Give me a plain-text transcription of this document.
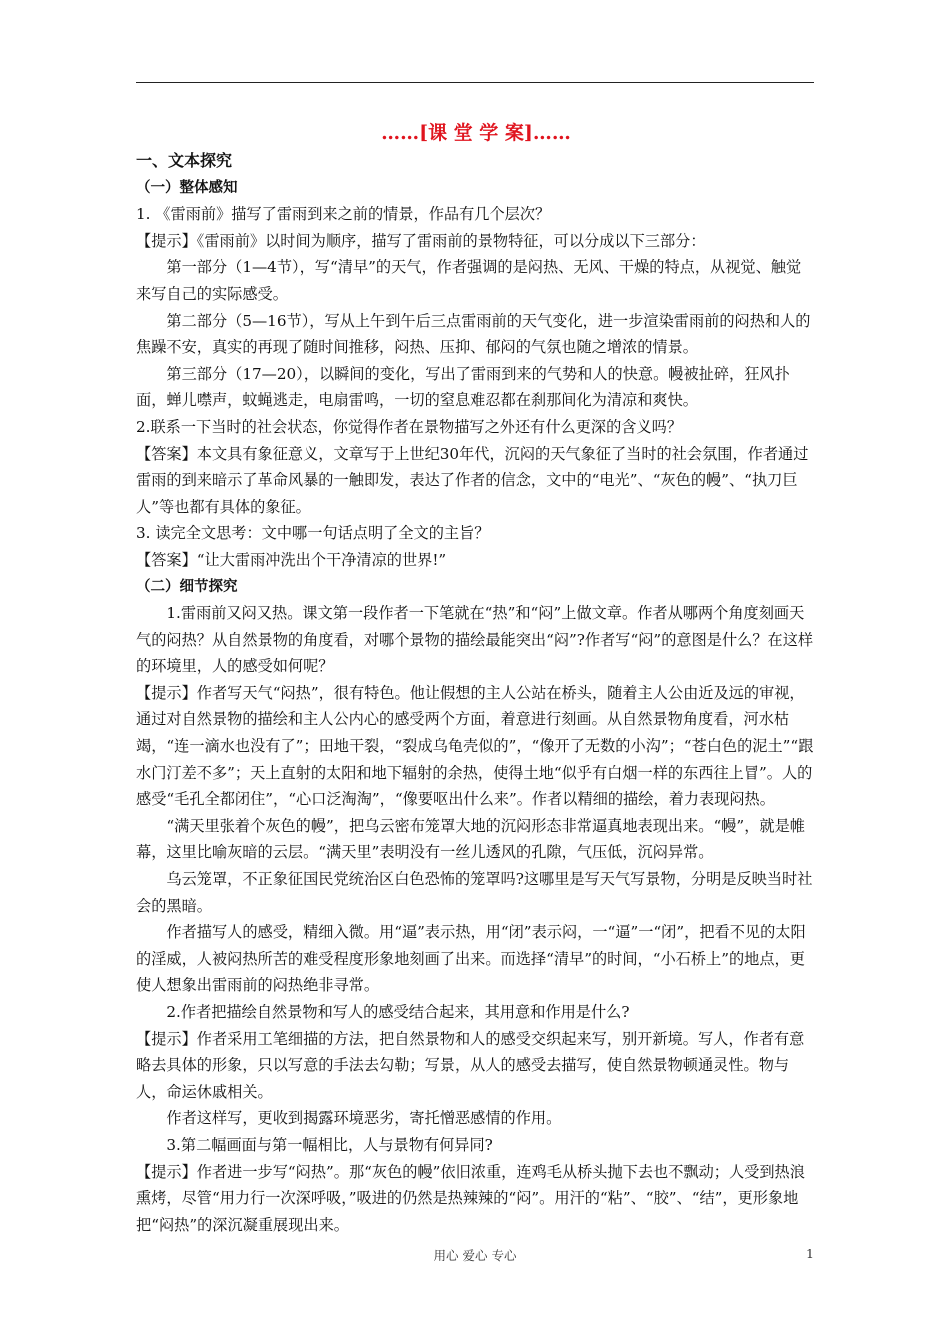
……[课 堂 学 案]……

一、文本探究

（一）整体感知

1. 《雷雨前》描写了雷雨到来之前的情景，作品有几个层次？

【提示】《雷雨前》以时间为顺序，描写了雷雨前的景物特征，可以分成以下三部分：

第一部分（1—4节），写“清早”的天气，作者强调的是闷热、无风、干燥的特点，从视觉、触觉来写自己的实际感受。

第二部分（5—16节），写从上午到午后三点雷雨前的天气变化，进一步渲染雷雨前的闷热和人的焦躁不安，真实的再现了随时间推移，闷热、压抑、郁闷的气氛也随之增浓的情景。

第三部分（17—20），以瞬间的变化，写出了雷雨到来的气势和人的快意。幔被扯碎，狂风扑面，蝉儿噤声，蚊蝇逃走，电扇雷鸣，一切的窒息难忍都在刹那间化为清凉和爽快。

2.联系一下当时的社会状态，你觉得作者在景物描写之外还有什么更深的含义吗？

【答案】本文具有象征意义，文章写于上世纪30年代，沉闷的天气象征了当时的社会氛围，作者通过雷雨的到来暗示了革命风暴的一触即发，表达了作者的信念，文中的“电光”、“灰色的幔”、“执刀巨人”等也都有具体的象征。

3. 读完全文思考：文中哪一句话点明了全文的主旨？

【答案】“让大雷雨冲洗出个干净清凉的世界!”

（二）细节探究

1.雷雨前又闷又热。课文第一段作者一下笔就在“热”和“闷”上做文章。作者从哪两个角度刻画天气的闷热？从自然景物的角度看，对哪个景物的描绘最能突出“闷”?作者写“闷”的意图是什么？在这样的环境里，人的感受如何呢？

【提示】作者写天气“闷热”，很有特色。他让假想的主人公站在桥头，随着主人公由近及远的审视，通过对自然景物的描绘和主人公内心的感受两个方面，着意进行刻画。从自然景物角度看，河水枯竭，“连一滴水也没有了”；田地干裂，“裂成乌龟壳似的”，“像开了无数的小沟”；“苍白色的泥土”“跟水门汀差不多”；天上直射的太阳和地下辐射的余热，使得土地“似乎有白烟一样的东西往上冒”。人的感受“毛孔全都闭住”，“心口泛淘淘”，“像要呕出什么来”。作者以精细的描绘，着力表现闷热。

“满天里张着个灰色的幔”，把乌云密布笼罩大地的沉闷形态非常逼真地表现出来。“幔”，就是帷幕，这里比喻灰暗的云层。“满天里”表明没有一丝儿透风的孔隙，气压低，沉闷异常。

乌云笼罩，不正象征国民党统治区白色恐怖的笼罩吗?这哪里是写天气写景物，分明是反映当时社会的黑暗。

作者描写人的感受，精细入微。用“逼”表示热，用“闭”表示闷，一“逼”一“闭”，把看不见的太阳的淫威，人被闷热所苦的难受程度形象地刻画了出来。而选择“清早”的时间，“小石桥上”的地点，更使人想象出雷雨前的闷热绝非寻常。

2.作者把描绘自然景物和写人的感受结合起来，其用意和作用是什么?

【提示】作者采用工笔细描的方法，把自然景物和人的感受交织起来写，别开新境。写人，作者有意略去具体的形象，只以写意的手法去勾勒；写景，从人的感受去描写，使自然景物顿通灵性。物与人，命运休戚相关。

作者这样写，更收到揭露环境恶劣，寄托憎恶感情的作用。

3.第二幅画面与第一幅相比，人与景物有何异同?

【提示】作者进一步写“闷热”。那“灰色的幔”依旧浓重，连鸡毛从桥头抛下去也不飘动；人受到热浪熏烤，尽管“用力行一次深呼吸，”吸进的仍然是热辣辣的“闷”。用汗的“粘”、“胶”、“结”，更形象地把“闷热”的深沉凝重展现出来。

用心 爱心 专心	1
